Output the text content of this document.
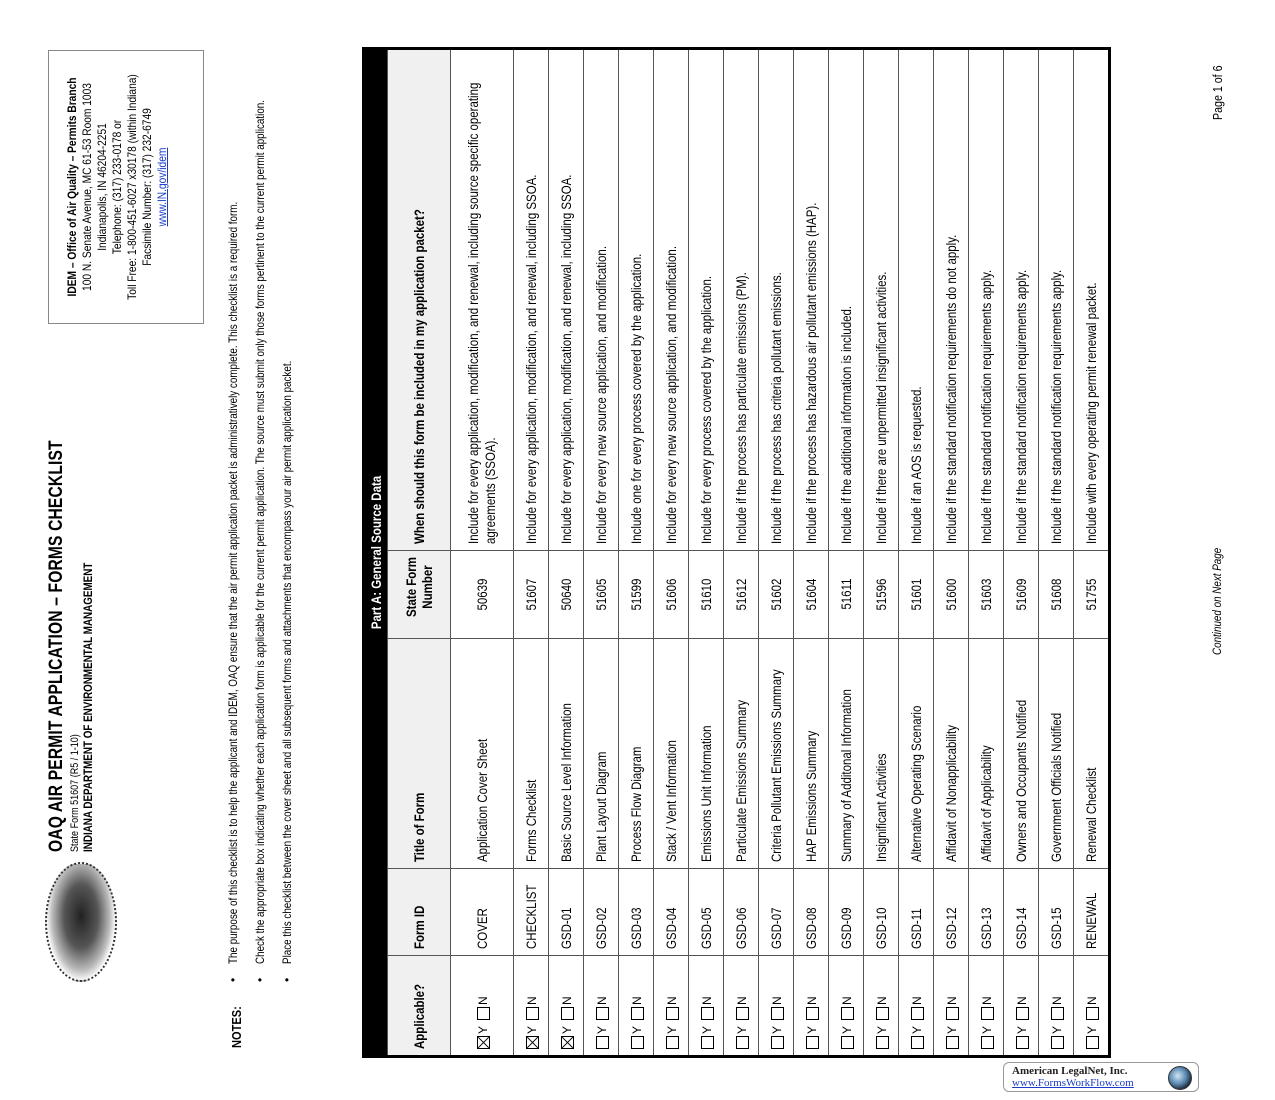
OAQ AIR PERMIT APPLICATION – FORMS CHECKLIST State Form 51607 (R5 / 1-10) INDIANA DEPARTMENT OF ENVIRONMENTAL MANAGEMENT
IDEM – Office of Air Quality – Permits Branch 100 N. Senate Avenue, MC 61-53 Room 1003 Indianapolis, IN 46204-2251 Telephone: (317) 233-0178 or Toll Free: 1-800-451-6027 x30178 (within Indiana) Facsimile Number: (317) 232-6749 www.IN.gov/idem
NOTES:
•
The purpose of this checklist is to help the applicant and IDEM, OAQ ensure that the air permit application packet is administratively complete. This checklist is a required form.
•
Check the appropriate box indicating whether each application form is applicable for the current permit application. The source must submit only those forms pertinent to the current permit application.
•
Place this checklist between the cover sheet and all subsequent forms and attachments that encompass your air permit application packet.	Part A: General Source Data				
Applicable?	Form ID	Title of Form	State Form Number	When should this form be included in my application packet?
YN	COVER	Application Cover Sheet	50639	Include for every application, modification, and renewal, including source specific operating agreements (SSOA).
YN	CHECKLIST	Forms Checklist	51607	Include for every application, modification, and renewal, including SSOA.
YN	GSD-01	Basic Source Level Information	50640	Include for every application, modification, and renewal, including SSOA.
YN	GSD-02	Plant Layout Diagram	51605	Include for every new source application, and modification.
YN	GSD-03	Process Flow Diagram	51599	Include one for every process covered by the application.
YN	GSD-04	Stack / Vent Information	51606	Include for every new source application, and modification.
YN	GSD-05	Emissions Unit Information	51610	Include for every process covered by the application.
YN	GSD-06	Particulate Emissions Summary	51612	Include if the process has particulate emissions (PM).
YN	GSD-07	Criteria Pollutant Emissions Summary	51602	Include if the process has criteria pollutant emissions.
YN	GSD-08	HAP Emissions Summary	51604	Include if the process has hazardous air pollutant emissions (HAP).
YN	GSD-09	Summary of Additonal Information	51611	Include if the additional information is included.
YN	GSD-10	Insignificant Activities	51596	Include if there are unpermitted insignificant activities.
YN	GSD-11	Alternative Operating Scenario	51601	Include if an AOS is requested.
YN	GSD-12	Affidavit of Nonapplicability	51600	Include if the standard notification requirements do not apply.
YN	GSD-13	Affidavit of Applicability	51603	Include if the standard notification requirements apply.
YN	GSD-14	Owners and Occupants Notified	51609	Include if the standard notification requirements apply.
YN	GSD-15	Government Officials Notified	51608	Include if the standard notification requirements apply.
YN	RENEWAL	Renewal Checklist	51755	Include with every operating permit renewal packet.
Continued on Next Page
Page 1 of 6
American LegalNet, Inc.
www.FormsWorkFlow.com
